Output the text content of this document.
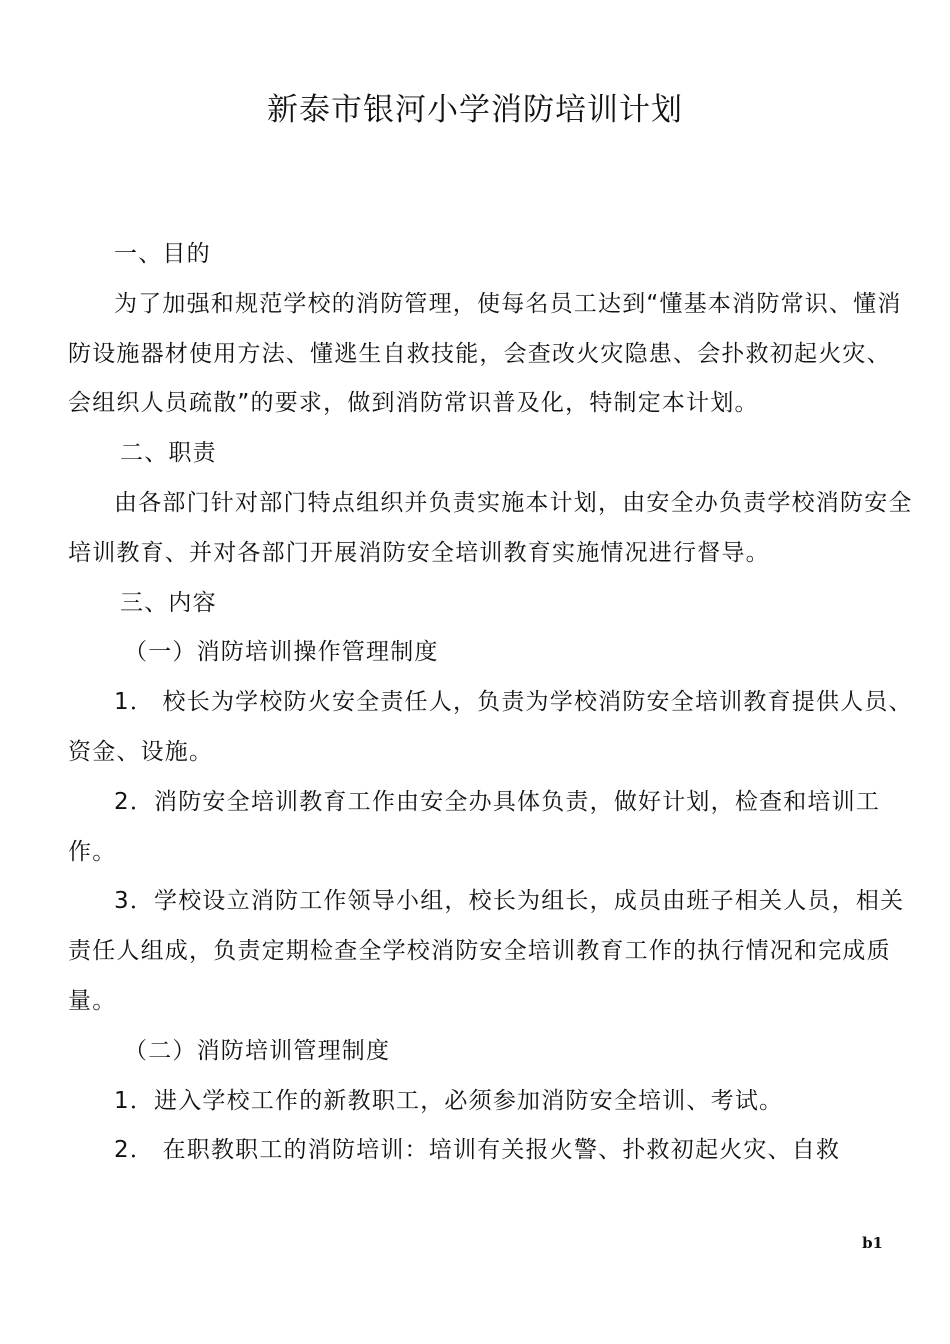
新泰市银河小学消防培训计划

一、目的

为了加强和规范学校的消防管理，使每名员工达到“懂基本消防常识、懂消防设施器材使用方法、懂逃生自救技能，会查改火灾隐患、会扑救初起火灾、会组织人员疏散”的要求，做到消防常识普及化，特制定本计划。

二、职责

由各部门针对部门特点组织并负责实施本计划，由安全办负责学校消防安全培训教育、并对各部门开展消防安全培训教育实施情况进行督导。

三、内容

（一）消防培训操作管理制度

1． 校长为学校防火安全责任人，负责为学校消防安全培训教育提供人员、资金、设施。

2．消防安全培训教育工作由安全办具体负责，做好计划，检查和培训工作。

3．学校设立消防工作领导小组，校长为组长，成员由班子相关人员，相关责任人组成，负责定期检查全学校消防安全培训教育工作的执行情况和完成质量。

（二）消防培训管理制度

1．进入学校工作的新教职工，必须参加消防安全培训、考试。

2． 在职教职工的消防培训：培训有关报火警、扑救初起火灾、自救

b1
